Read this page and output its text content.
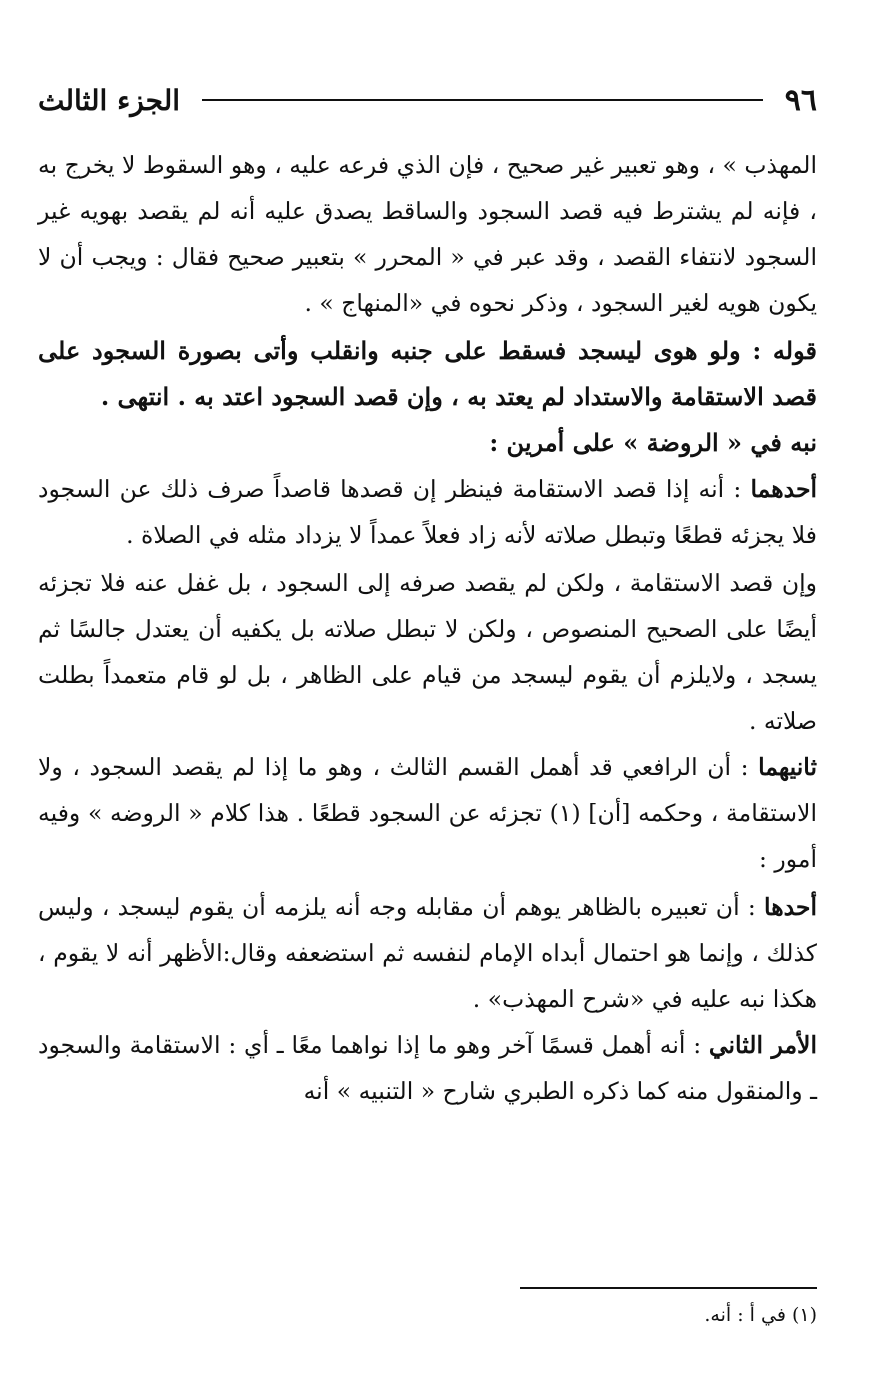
٩٦
الجزء الثالث

المهذب » ، وهو تعبير غير صحيح ، فإن الذي فرعه عليه ، وهو السقوط لا يخرج به ، فإنه لم يشترط فيه قصد السجود والساقط يصدق عليه أنه لم يقصد بهويه غير السجود لانتفاء القصد ، وقد عبر في « المحرر » بتعبير صحيح فقال : ويجب أن لا يكون هويه لغير السجود ، وذكر نحوه في «المنهاج » .

قوله : ولو هوى ليسجد فسقط على جنبه وانقلب وأتى بصورة السجود على قصد الاستقامة والاستداد لم يعتد به ، وإن قصد السجود اعتد به . انتهى .

نبه في « الروضة » على أمرين :

أحدهما : أنه إذا قصد الاستقامة فينظر إن قصدها قاصداً صرف ذلك عن السجود فلا يجزئه قطعًا وتبطل صلاته لأنه زاد فعلاً عمداً لا يزداد مثله في الصلاة .

وإن قصد الاستقامة ، ولكن لم يقصد صرفه إلى السجود ، بل غفل عنه فلا تجزئه أيضًا على الصحيح المنصوص ، ولكن لا تبطل صلاته بل يكفيه أن يعتدل جالسًا ثم يسجد ، ولايلزم أن يقوم ليسجد من قيام على الظاهر ، بل لو قام متعمداً بطلت صلاته .

ثانيهما : أن الرافعي قد أهمل القسم الثالث ، وهو ما إذا لم يقصد السجود ، ولا الاستقامة ، وحكمه [أن] (١) تجزئه عن السجود قطعًا . هذا كلام « الروضه » وفيه أمور :

أحدها : أن تعبيره بالظاهر يوهم أن مقابله وجه أنه يلزمه أن يقوم ليسجد ، وليس كذلك ، وإنما هو احتمال أبداه الإمام لنفسه ثم استضعفه وقال:الأظهر أنه لا يقوم ، هكذا نبه عليه في «شرح المهذب» .

الأمر الثاني : أنه أهمل قسمًا آخر وهو ما إذا نواهما معًا ـ أي : الاستقامة والسجود ـ والمنقول منه كما ذكره الطبري شارح « التنبيه » أنه

(١) في أ : أنه.
